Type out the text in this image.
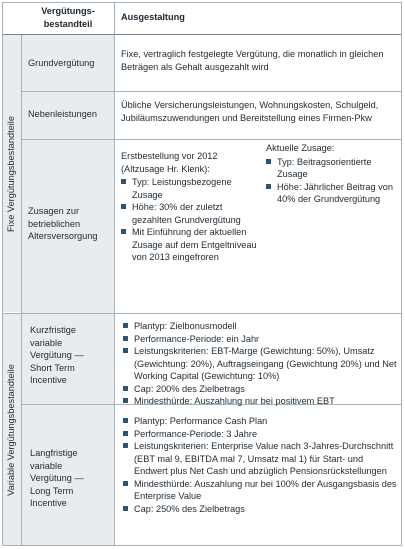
Vergütungs-
bestandteil
Ausgestaltung
Fixe Vergütungsbestandteile
Variable Vergütungsbestandteile
Grundvergütung
Fixe, vertraglich festgelegte Vergütung, die monatlich in gleichen Beträgen als Gehalt ausgezahlt wird
Nebenleistungen
Übliche Versicherungsleistungen, Wohnungskosten, Schulgeld, Jubiläumszuwendungen und Bereitstellung eines Firmen-Pkw
Zusagen zur betrieblichen Altersversorgung
Erstbestellung vor 2012 (Altzusage Hr. Klenk):
Typ: Leistungsbezogene Zusage
Höhe: 30% der zuletzt gezahlten Grundvergütung
Mit Einführung der aktuellen Zusage auf dem Entgeltniveau von 2013 eingefroren
Aktuelle Zusage:
Typ: Beitragsorientierte Zusage
Höhe: Jährlicher Beitrag von 40% der Grundvergütung
Kurzfristige variable Vergütung — Short Term Incentive
Plantyp: Zielbonusmodell
Performance-Periode: ein Jahr
Leistungskriterien: EBT-Marge (Gewichtung: 50%), Umsatz (Gewichtung: 20%), Auftragseingang (Gewichtung 20%) und Net Working Capital (Gewichtung: 10%)
Cap: 200% des Zielbetrags
Mindesthürde: Auszahlung nur bei positivem EBT
Langfristige variable Vergütung — Long Term Incentive
Plantyp: Performance Cash Plan
Performance-Periode: 3 Jahre
Leistungskriterien: Enterprise Value nach 3-Jahres-Durchschnitt (EBT mal 9, EBITDA mal 7, Umsatz mal 1) für Start- und Endwert plus Net Cash und abzüglich Pensionsrückstellungen
Mindesthürde: Auszahlung nur bei 100% der Ausgangsbasis des Enterprise Value
Cap: 250% des Zielbetrags
